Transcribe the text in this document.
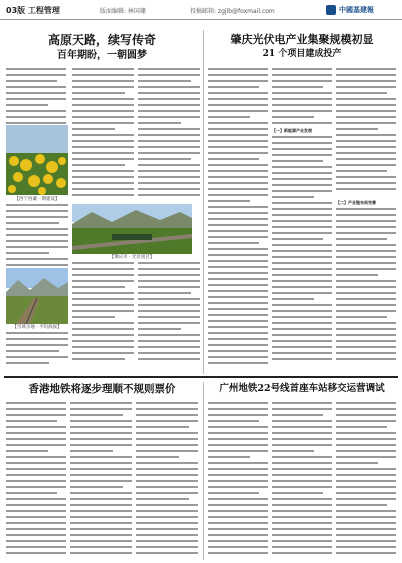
03版 工程管理	版面编辑: 林国珊	投稿邮箱: zgjlb@foxmail.com	中國基建報
高原天路，续写传奇
百年期盼，一朝圆梦
肇庆光伏电产业集聚规模初显
21 个项目建成投产
【西宁西藏一期建设】
【雪域圣地 · 平均海拔】
【肇庆市 · 光伏项目】
【一】新能源产业发展
【二】产业链布局完善
香港地铁将逐步理顺不规则票价	广州地铁22号线首座车站移交运营调试
